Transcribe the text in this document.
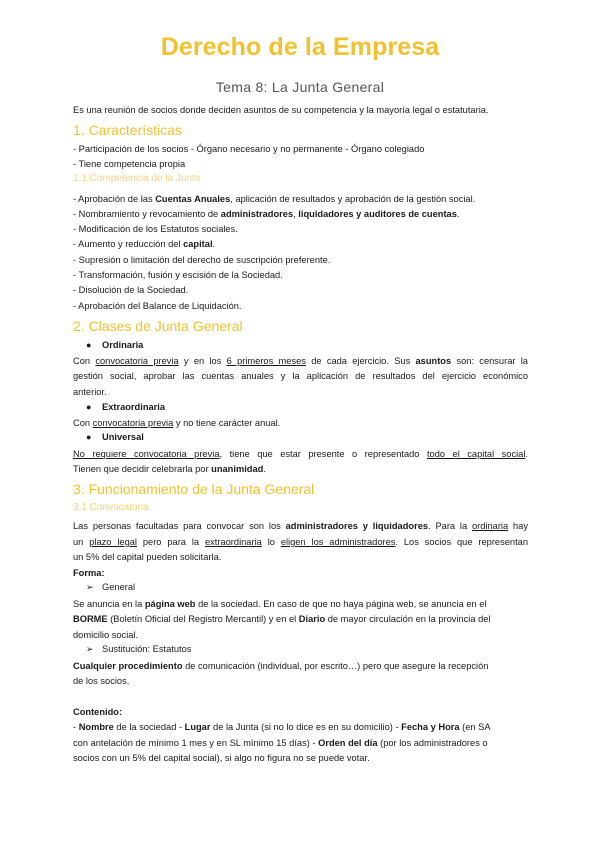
Derecho de la Empresa
Tema 8: La Junta General
Es una reunión de socios donde deciden asuntos de su competencia y la mayoría legal o estatutaria.
1. Características
- Participación de los socios - Órgano necesario y no permanente - Órgano colegiado
- Tiene competencia propia
1.1 Competencia de la Junta
- Aprobación de las Cuentas Anuales, aplicación de resultados y aprobación de la gestión social.
- Nombramiento y revocamiento de administradores, liquidadores y auditores de cuentas.
- Modificación de los Estatutos sociales.
- Aumento y reducción del capital.
- Supresión o limitación del derecho de suscripción preferente.
- Transformación, fusión y escisión de la Sociedad.
- Disolución de la Sociedad.
- Aprobación del Balance de Liquidación.
2. Clases de Junta General
● Ordinaria
Con convocatoria previa y en los 6 primeros meses de cada ejercicio. Sus asuntos son: censurar la
gestión social, aprobar las cuentas anuales y la aplicación de resultados del ejercicio económico
anterior.
● Extraordinaria
Con convocatoria previa y no tiene carácter anual.
● Universal
No requiere convocatoria previa, tiene que estar presente o representado todo el capital social.
Tienen que decidir celebrarla por unanimidad.
3. Funcionamiento de la Junta General
3.1 Convocatoria
Las personas facultadas para convocar son los administradores y liquidadores. Para la ordinaria hay
un plazo legal pero para la extraordinaria lo eligen los administradores. Los socios que representan
un 5% del capital pueden solicitarla.
Forma:
➢ General
Se anuncia en la página web de la sociedad. En caso de que no haya página web, se anuncia en el
BORME (Boletín Oficial del Registro Mercantil) y en el Diario de mayor circulación en la provincia del
domicilio social.
➢ Sustitución: Estatutos
Cualquier procedimiento de comunicación (individual, por escrito…) pero que asegure la recepción
de los socios.
Contenido:
- Nombre de la sociedad - Lugar de la Junta (si no lo dice es en su domicilio) - Fecha y Hora (en SA
con antelación de mínimo 1 mes y en SL mínimo 15 días) - Orden del día (por los administradores o
socios con un 5% del capital social), si algo no figura no se puede votar.
